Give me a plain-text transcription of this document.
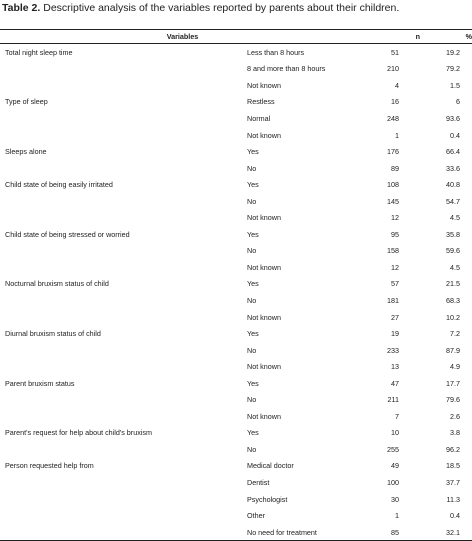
Table 2. Descriptive analysis of the variables reported by parents about their children.
Variables		n	%
Total night sleep time	Less than 8 hours	51	19.2
	8 and more than 8 hours	210	79.2
	Not known	4	1.5
Type of sleep	Restless	16	6
	Normal	248	93.6
	Not known	1	0.4
Sleeps alone	Yes	176	66.4
	No	89	33.6
Child state of being easily irritated	Yes	108	40.8
	No	145	54.7
	Not known	12	4.5
Child state of being stressed or worried	Yes	95	35.8
	No	158	59.6
	Not known	12	4.5
Nocturnal bruxism status of child	Yes	57	21.5
	No	181	68.3
	Not known	27	10.2
Diurnal bruxism status of child	Yes	19	7.2
	No	233	87.9
	Not known	13	4.9
Parent bruxism status	Yes	47	17.7
	No	211	79.6
	Not known	7	2.6
Parent's request for help about child's bruxism	Yes	10	3.8
	No	255	96.2
Person requested help from	Medical doctor	49	18.5
	Dentist	100	37.7
	Psychologist	30	11.3
	Other	1	0.4
	No need for treatment	85	32.1
